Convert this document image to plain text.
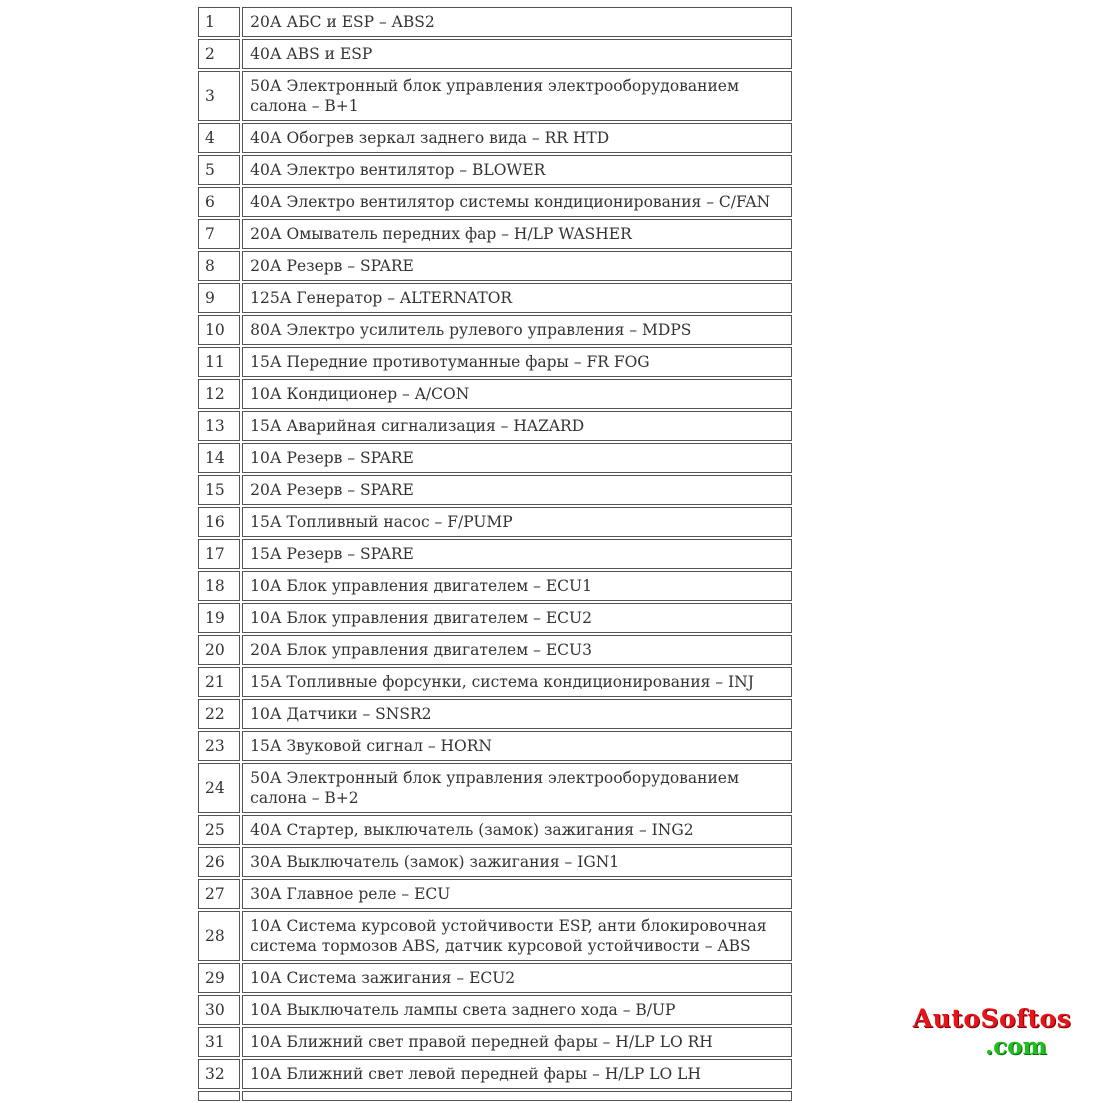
1	20А АБС и ESP – ABS2
2	40А ABS и ESP
3	50А Электронный блок управления электрооборудованием салона – B+1
4	40А Обогрев зеркал заднего вида – RR HTD
5	40А Электро вентилятор – BLOWER
6	40А Электро вентилятор системы кондиционирования – C/FAN
7	20А Омыватель передних фар – H/LP WASHER
8	20А Резерв – SPARE
9	125А Генератор – ALTERNATOR
10	80А Электро усилитель рулевого управления – MDPS
11	15А Передние противотуманные фары – FR FOG
12	10А Кондиционер – A/CON
13	15А Аварийная сигнализация – HAZARD
14	10А Резерв – SPARE
15	20А Резерв – SPARE
16	15А Топливный насос – F/PUMP
17	15А Резерв – SPARE
18	10А Блок управления двигателем – ECU1
19	10А Блок управления двигателем – ECU2
20	20А Блок управления двигателем – ECU3
21	15А Топливные форсунки, система кондиционирования – INJ
22	10А Датчики – SNSR2
23	15А Звуковой сигнал – HORN
24	50А Электронный блок управления электрооборудованием салона – B+2
25	40А Стартер, выключатель (замок) зажигания – ING2
26	30А Выключатель (замок) зажигания – IGN1
27	30А Главное реле – ECU
28	10А Система курсовой устойчивости ESP, анти блокировочная система тормозов ABS, датчик курсовой устойчивости – ABS
29	10А Система зажигания – ECU2
30	10А Выключатель лампы света заднего хода – B/UP
31	10А Ближний свет правой передней фары – H/LP LO RH
32	10А Ближний свет левой передней фары – H/LP LO LH

AutoSoftos
.com
